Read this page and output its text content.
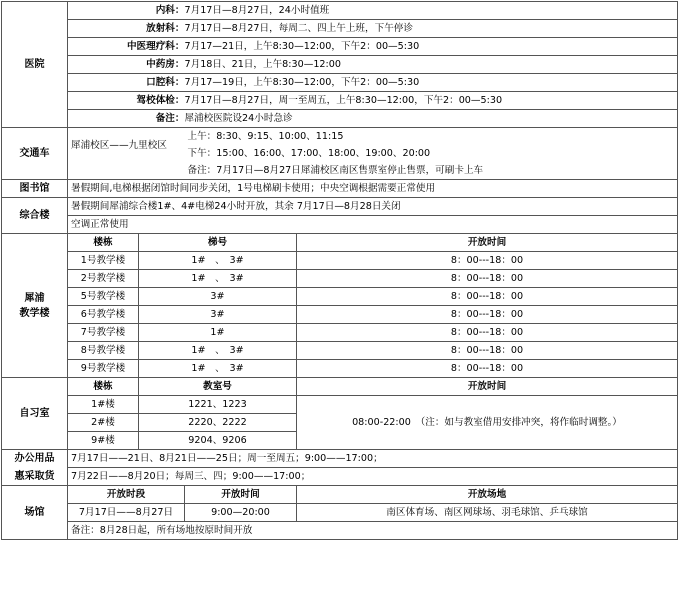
医院	内科：		7月17日—8月27日，24小时值班	
	放射科：		7月17日—8月27日，每周二、四上午上班，下午停诊	
	中医理疗科：		7月17—21日，上午8:30—12:00，下午2：00—5:30	
	中药房：		7月18日、21日，上午8:30—12:00	
	口腔科：		7月17—19日，上午8:30—12:00，下午2：00—5:30	
	驾校体检：		7月17日—8月27日，周一至周五，上午8:30—12:00，下午2：00—5:30	
	备注：		犀浦校医院设24小时急诊	
交通车	犀浦校区——九里校区		上午：8:30、9:15、10:00、11:15	
			下午：15:00、16:00、17:00、18:00、19:00、20:00	
			备注：7月17日—8月27日犀浦校区南区售票室停止售票，可刷卡上车	
图书馆	暑假期间,电梯根据闭馆时间同步关闭，1号电梯刷卡使用；中央空调根据需要正常使用			
综合楼	暑假期间犀浦综合楼1#、4#电梯24小时开放，其余 7月17日—8月28日关闭			
	空调正常使用			

犀浦
教学楼	楼栋	梯号		开放时间
	1号教学楼	1#　、　3#		8：00---18：00
	2号教学楼	1#　、　3#		8：00---18：00
	5号教学楼	3#		8：00---18：00
	6号教学楼	3#		8：00---18：00
	7号教学楼	1#		8：00---18：00
	8号教学楼	1#　、　3#		8：00---18：00
	9号教学楼	1#　、　3#		8：00---18：00
自习室	楼栋	教室号		开放时间
	1#楼	1221、1223		08:00-22:00　（注：如与教室借用安排冲突，将作临时调整。）
	2#楼	2220、2222		
	9#楼	9204、9206		
办公用品	7月17日——21日、8月21日——25日；周一至周五；9:00——17:00；			
惠采取货	7月22日——8月20日；每周三、四；9:00——17:00；			
场馆	开放时段		开放时间	开放场地
	7月17日——8月27日		9:00—20:00	南区体育场、南区网球场、羽毛球馆、乒乓球馆
	备注：8月28日起，所有场地按原时间开放			
